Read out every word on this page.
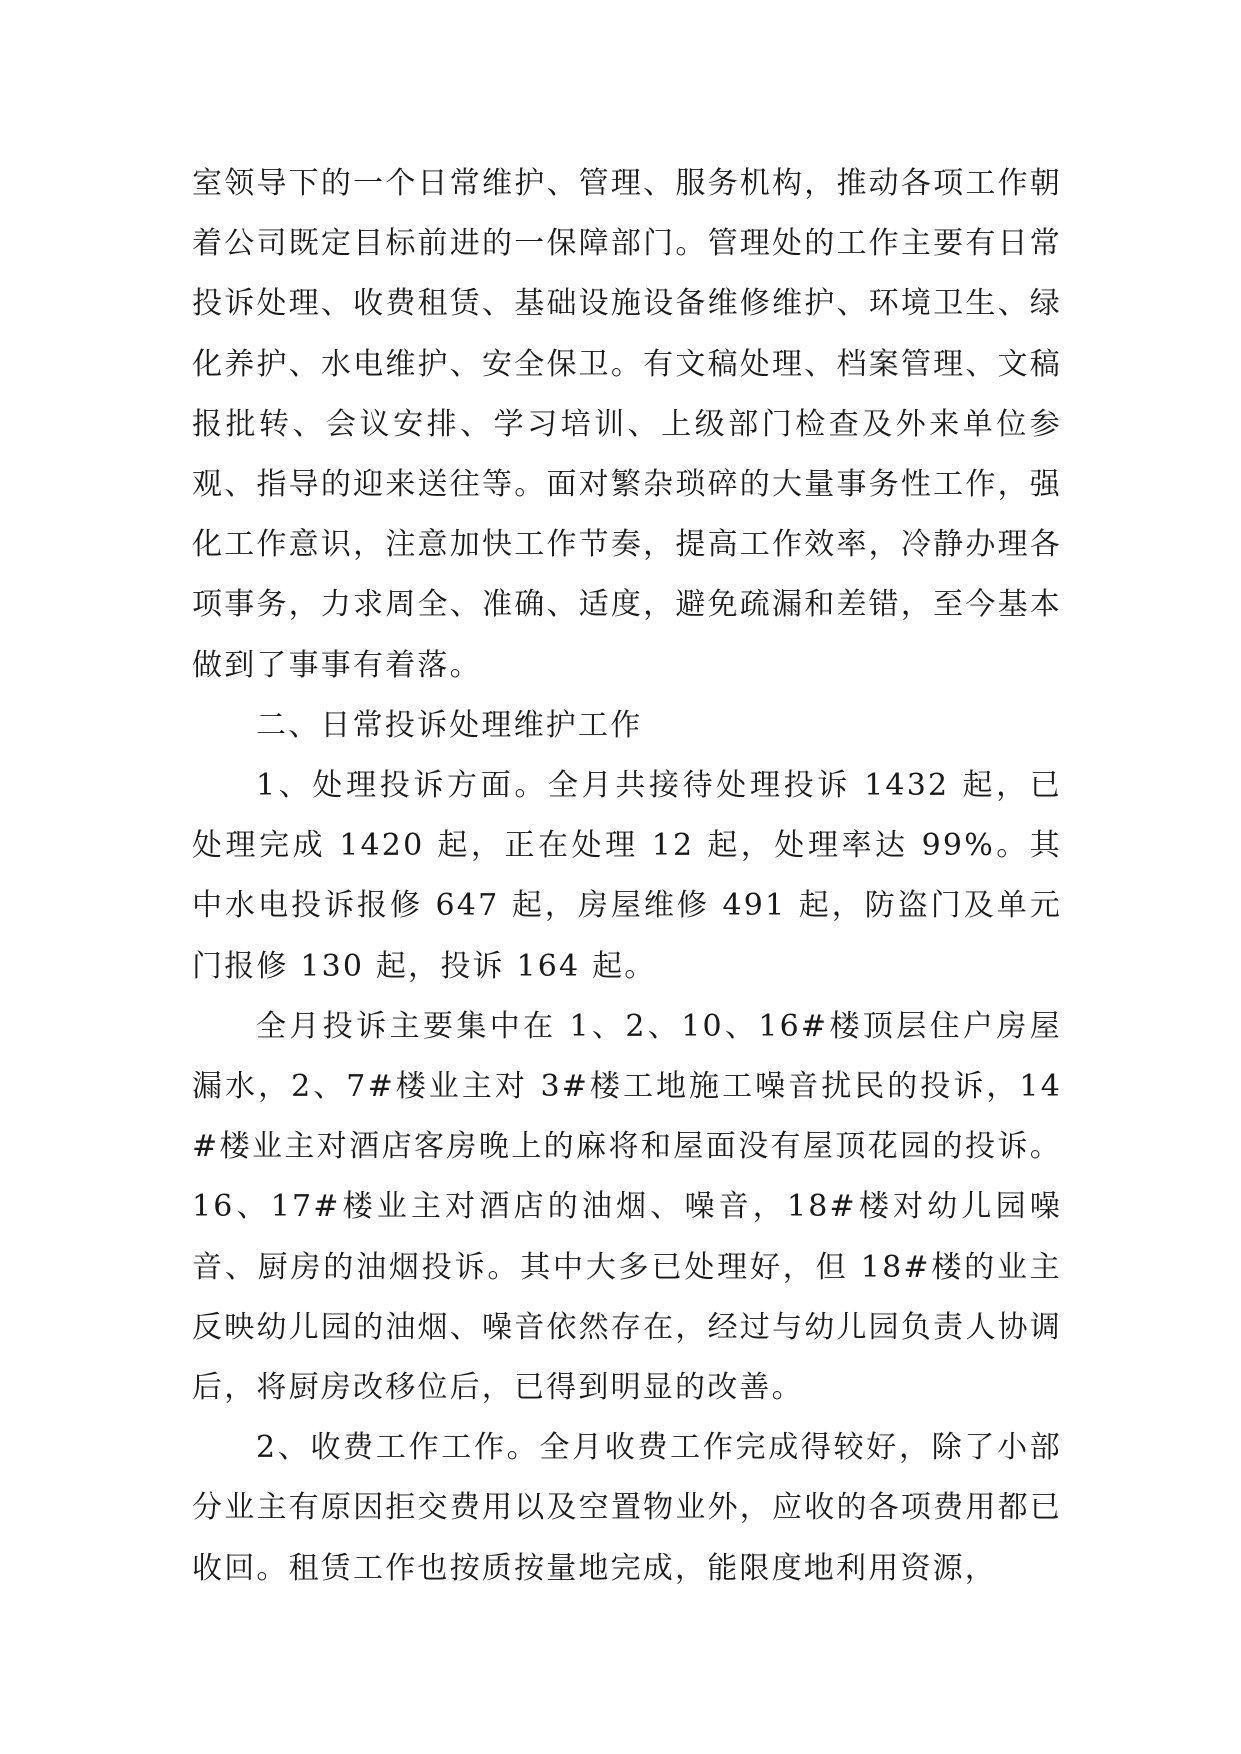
室领导下的一个日常维护、管理、服务机构，推动各项工作朝着公司既定目标前进的一保障部门。管理处的工作主要有日常投诉处理、收费租赁、基础设施设备维修维护、环境卫生、绿化养护、水电维护、安全保卫。有文稿处理、档案管理、文稿报批转、会议安排、学习培训、上级部门检查及外来单位参观、指导的迎来送往等。面对繁杂琐碎的大量事务性工作，强化工作意识，注意加快工作节奏，提高工作效率，冷静办理各项事务，力求周全、准确、适度，避免疏漏和差错，至今基本做到了事事有着落。

二、日常投诉处理维护工作

1、处理投诉方面。全月共接待处理投诉 1432 起，已处理完成 1420 起，正在处理 12 起，处理率达 99%。其中水电投诉报修 647 起，房屋维修 491 起，防盗门及单元门报修 130 起，投诉 164 起。

全月投诉主要集中在 1、2、10、16#楼顶层住户房屋漏水，2、7#楼业主对 3#楼工地施工噪音扰民的投诉，14#楼业主对酒店客房晚上的麻将和屋面没有屋顶花园的投诉。16、17#楼业主对酒店的油烟、噪音，18#楼对幼儿园噪音、厨房的油烟投诉。其中大多已处理好，但 18#楼的业主反映幼儿园的油烟、噪音依然存在，经过与幼儿园负责人协调后，将厨房改移位后，已得到明显的改善。

2、收费工作工作。全月收费工作完成得较好，除了小部分业主有原因拒交费用以及空置物业外，应收的各项费用都已收回。租赁工作也按质按量地完成，能限度地利用资源，
